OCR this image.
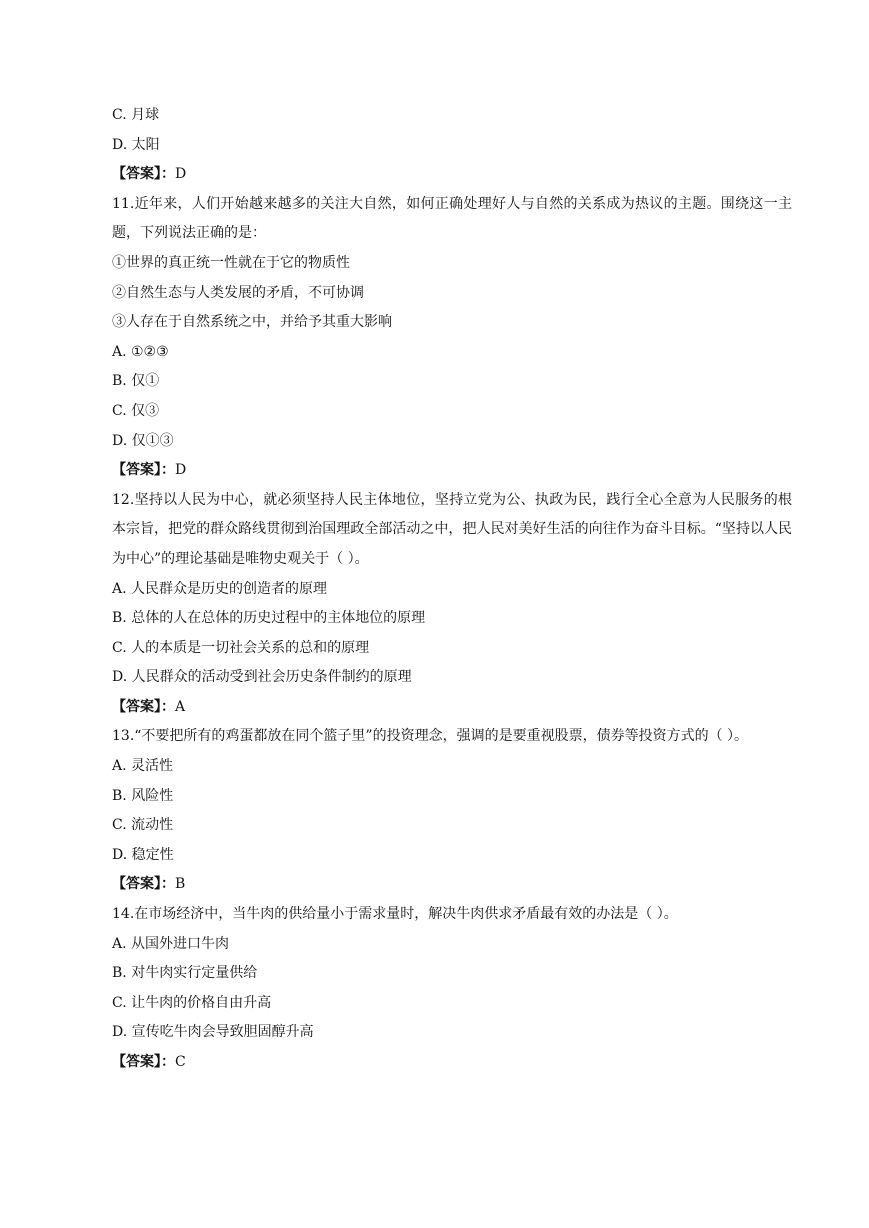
C. 月球
D. 太阳
【答案】：D
11.近年来，人们开始越来越多的关注大自然，如何正确处理好人与自然的关系成为热议的主题。围绕这一主题，下列说法正确的是：
①世界的真正统一性就在于它的物质性
②自然生态与人类发展的矛盾，不可协调
③人存在于自然系统之中，并给予其重大影响
A. ①②③
B. 仅①
C. 仅③
D. 仅①③
【答案】：D
12.坚持以人民为中心，就必须坚持人民主体地位，坚持立党为公、执政为民，践行全心全意为人民服务的根本宗旨，把党的群众路线贯彻到治国理政全部活动之中，把人民对美好生活的向往作为奋斗目标。“坚持以人民为中心”的理论基础是唯物史观关于（ ）。
A. 人民群众是历史的创造者的原理
B. 总体的人在总体的历史过程中的主体地位的原理
C. 人的本质是一切社会关系的总和的原理
D. 人民群众的活动受到社会历史条件制约的原理
【答案】：A
13.“不要把所有的鸡蛋都放在同个篮子里”的投资理念，强调的是要重视股票，债券等投资方式的（ ）。
A. 灵活性
B. 风险性
C. 流动性
D. 稳定性
【答案】：B
14.在市场经济中，当牛肉的供给量小于需求量时，解决牛肉供求矛盾最有效的办法是（ ）。
A. 从国外进口牛肉
B. 对牛肉实行定量供给
C. 让牛肉的价格自由升高
D. 宣传吃牛肉会导致胆固醇升高
【答案】：C
